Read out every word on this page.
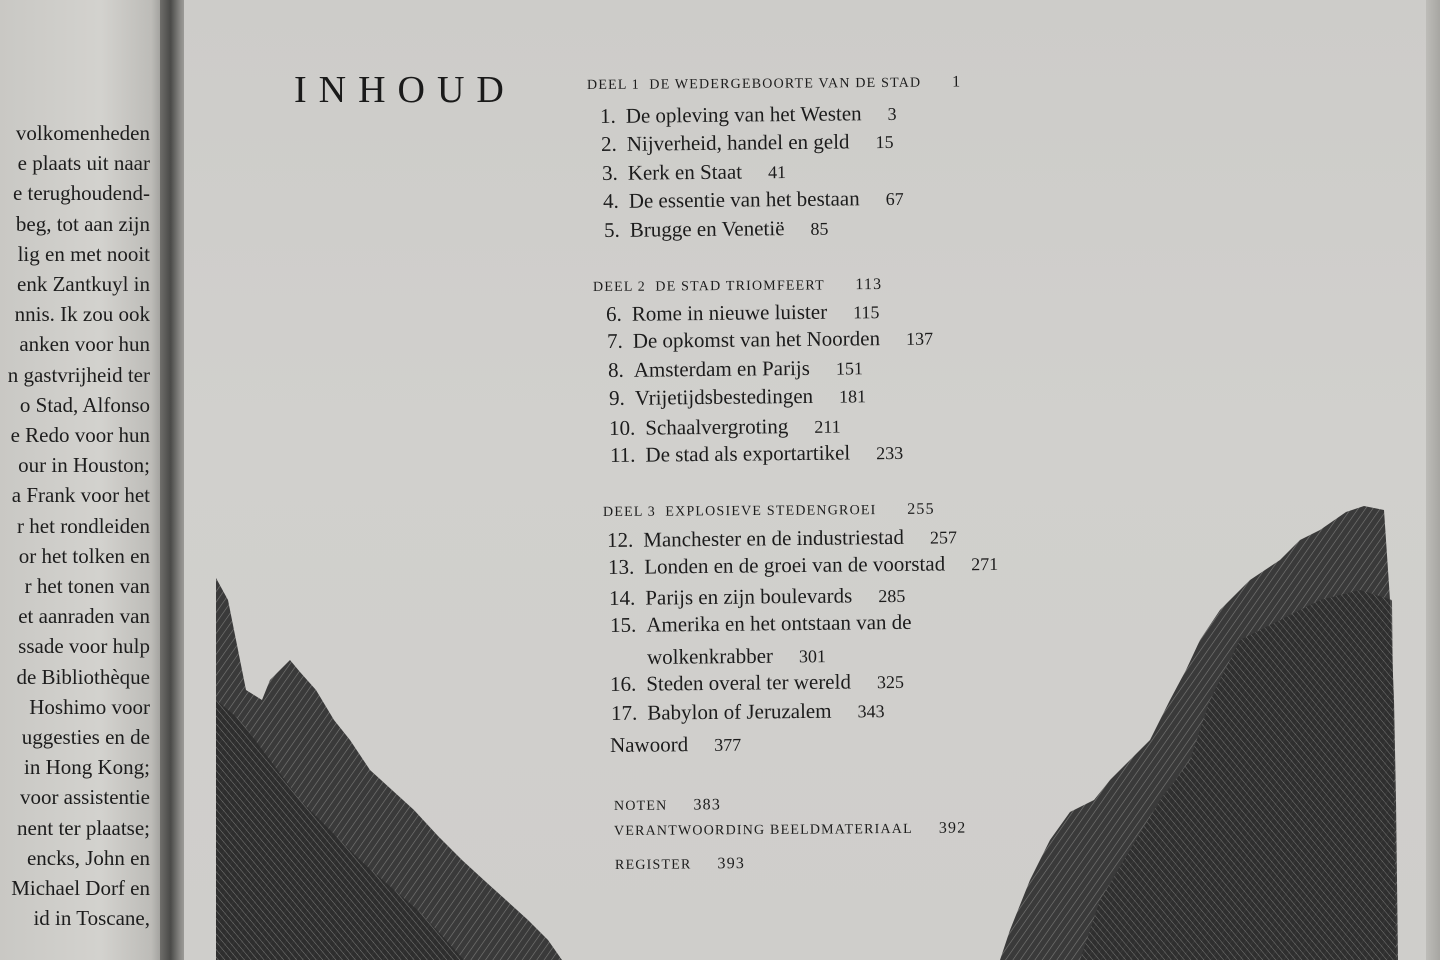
volkomenheden
e plaats uit naar
e terughoudend-
beg, tot aan zijn
lig en met nooit
enk Zantkuyl in
nnis. Ik zou ook
anken voor hun
n gastvrijheid ter
o Stad, Alfonso
e Redo voor hun
our in Houston;
a Frank voor het
r het rondleiden
or het tolken en
r het tonen van
et aanraden van
ssade voor hulp
de Bibliothèque
Hoshimo voor
uggesties en de
in Hong Kong;
voor assistentie
nent ter plaatse;
encks, John en
Michael Dorf en
id in Toscane,
INHOUD	DEEL 1 DE WEDERGEBOORTE VAN DE STAD 1
1. De opleving van het Westen 3
2. Nijverheid, handel en geld 15
3. Kerk en Staat 41
4. De essentie van het bestaan 67
5. Brugge en Venetië 85
DEEL 2 DE STAD TRIOMFEERT 113
6. Rome in nieuwe luister 115
7. De opkomst van het Noorden 137
8. Amsterdam en Parijs 151
9. Vrijetijdsbestedingen 181
10. Schaalvergroting 211
11. De stad als exportartikel 233
DEEL 3 EXPLOSIEVE STEDENGROEI 255
12. Manchester en de industriestad 257
13. Londen en de groei van de voorstad 271
14. Parijs en zijn boulevards 285
15. Amerika en het ontstaan van de
wolkenkrabber 301
16. Steden overal ter wereld 325
17. Babylon of Jeruzalem 343
Nawoord 377
NOTEN 383
VERANTWOORDING BEELDMATERIAAL 392
REGISTER 393
